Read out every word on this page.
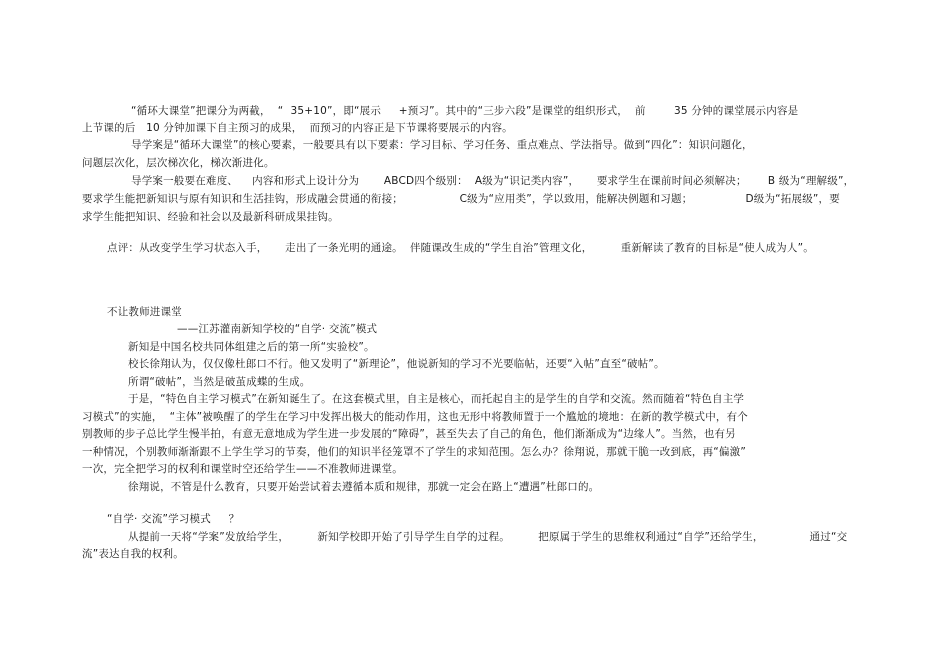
“循环大课堂”把课分为两截，  “  35+10”，即“展示     +预习”。其中的“三步六段”是课堂的组织形式，  前        35 分钟的课堂展示内容是
上节课的后   10 分钟加课下自主预习的成果，  而预习的内容正是下节课将要展示的内容。
导学案是“循环大课堂”的核心要素，一般要具有以下要素：学习目标、学习任务、重点难点、学法指导。做到“四化”：知识问题化，
问题层次化，层次梯次化，梯次渐进化。
导学案一般要在难度、    内容和形式上设计分为       ABCD四个级别：  A级为“识记类内容”，     要求学生在课前时间必须解决；      B 级为“理解级”，
要求学生能把新知识与原有知识和生活挂钩，形成融会贯通的衔接；                C级为“应用类”，学以致用，能解决例题和习题；               D级为“拓展级”，要
求学生能把知识、经验和社会以及最新科研成果挂钩。
点评：从改变学生学习状态入手，     走出了一条光明的通途。  伴随课改生成的“学生自治”管理文化，        重新解读了教育的目标是“使人成为人”。
不让教师进课堂
——江苏灌南新知学校的“自学· 交流”模式
新知是中国名校共同体组建之后的第一所“实验校”。
校长徐翔认为，仅仅像杜郎口不行。他又发明了“新理论”，他说新知的学习不光要临帖，还要“入帖”直至“破帖”。
所谓“破帖”，当然是破茧成蝶的生成。
于是，“特色自主学习模式”在新知诞生了。在这套模式里，自主是核心，而托起自主的是学生的自学和交流。然而随着“特色自主学
习模式”的实施，  “主体”被唤醒了的学生在学习中发挥出极大的能动作用，这也无形中将教师置于一个尴尬的境地：在新的教学模式中，有个
别教师的步子总比学生慢半拍，有意无意地成为学生进一步发展的“障碍”，甚至失去了自己的角色，他们渐渐成为“边缘人”。当然，也有另
一种情况，个别教师渐渐跟不上学生学习的节奏，他们的知识半径笼罩不了学生的求知范围。怎么办？徐翔说，那就干脆一改到底，再“偏激”
一次，完全把学习的权利和课堂时空还给学生——不准教师进课堂。
徐翔说，不管是什么教育，只要开始尝试着去遵循本质和规律，那就一定会在路上“遭遇”杜郎口的。
“自学· 交流”学习模式     ？
从提前一天将“学案”发放给学生，        新知学校即开始了引导学生自学的过程。        把原属于学生的思维权利通过“自学”还给学生，             通过“交
流”表达自我的权利。
